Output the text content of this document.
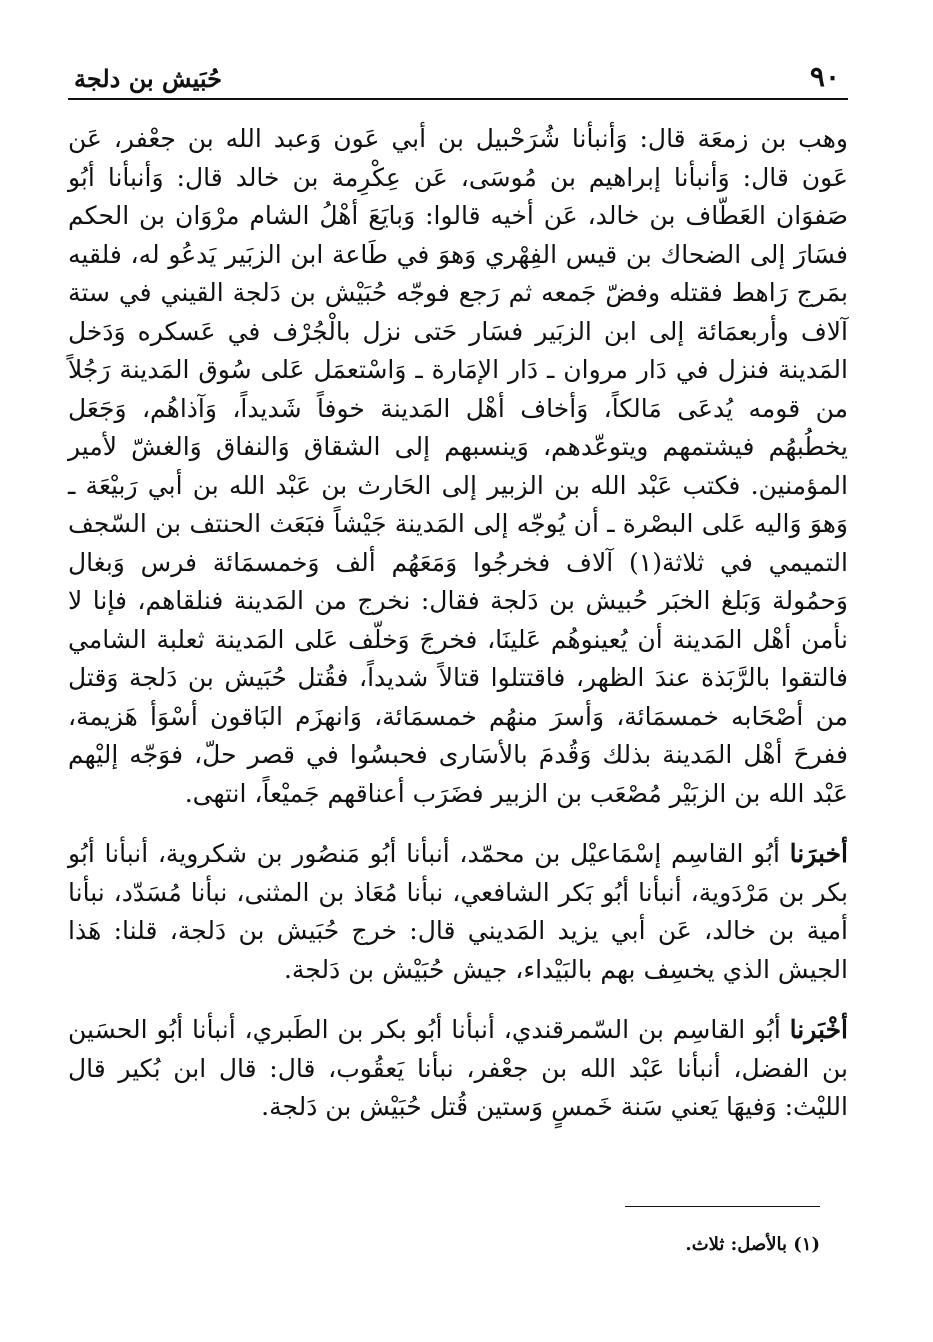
٩٠
حُبَيش بن دلجة

وهب بن زمعَة قال: وَأنبأنا شُرَحْبيل بن أبي عَون وَعبد الله بن جعْفر، عَن عَون قال: وَأنبأنا إبراهيم بن مُوسَى، عَن عِكْرِمة بن خالد قال: وَأنبأنا أبُو صَفوَان العَطّاف بن خالد، عَن أخيه قالوا: وَبايَعَ أهْلُ الشام مرْوَان بن الحكم فسَارَ إلى الضحاك بن قيس الفِهْري وَهوَ في طَاعة ابن الزبَير يَدعُو له، فلقيه بمَرج رَاهط فقتله وفضّ جَمعه ثم رَجع فوجّه حُبَيْش بن دَلجة القيني في ستة آلاف وأربعمَائة إلى ابن الزبَير فسَار حَتى نزل بالْجُرْف في عَسكره وَدَخل المَدينة فنزل في دَار مروان ـ دَار الإمَارة ـ وَاسْتعمَل عَلى سُوق المَدينة رَجُلاً من قومه يُدعَى مَالكاً، وَأخاف أهْل المَدينة خوفاً شَديداً، وَآذاهُم، وَجَعَل يخطُبهُم فيشتمهم ويتوعّدهم، وَينسبهم إلى الشقاق وَالنفاق وَالغشّ لأمير المؤمنين. فكتب عَبْد الله بن الزبير إلى الحَارث بن عَبْد الله بن أبي رَبيْعَة ـ وَهوَ وَاليه عَلى البصْرة ـ أن يُوجّه إلى المَدينة جَيْشاً فبَعَث الحنتف بن السّجف التميمي في ثلاثة(١) آلاف فخرجُوا وَمَعَهُم ألف وَخمسمَائة فرس وَبغال وَحمُولة وَبَلغ الخبَر حُبيش بن دَلجة فقال: نخرج من المَدينة فنلقاهم، فإنا لا نأمن أهْل المَدينة أن يُعينوهُم عَلينَا، فخرجَ وَخلّف عَلى المَدينة ثعلبة الشامي فالتقوا بالرَّبَذة عندَ الظهر، فاقتتلوا قتالاً شديداً، فقُتل حُبَيش بن دَلجة وَقتل من أصْحَابه خمسمَائة، وَأسرَ منهُم خمسمَائة، وَانهزَم البَاقون أسْوَأ هَزيمة، ففرحَ أهْل المَدينة بذلك وَقُدمَ بالأسَارى فحبسُوا في قصر حلّ، فوَجّه إليْهم عَبْد الله بن الزبَيْر مُصْعَب بن الزبير فضَرَب أعناقهم جَميْعاً، انتهى.

أخبرَنا أبُو القاسِم إسْمَاعيْل بن محمّد، أنبأنا أبُو مَنصُور بن شكروية، أنبأنا أبُو بكر بن مَرْدَوية، أنبأنا أبُو بَكر الشافعي، نبأنا مُعَاذ بن المثنى، نبأنا مُسَدّد، نبأنا أمية بن خالد، عَن أبي يزيد المَديني قال: خرج حُبَيش بن دَلجة، قلنا: هَذا الجيش الذي يخسِف بهم بالبَيْداء، جيش حُبَيْش بن دَلجة.

أخْبَرنا أبُو القاسِم بن السّمرقندي، أنبأنا أبُو بكر بن الطَبري، أنبأنا أبُو الحسَين بن الفضل، أنبأنا عَبْد الله بن جعْفر، نبأنا يَعقُوب، قال: قال ابن بُكير قال الليْث: وَفيهَا يَعني سَنة خَمسٍ وَستين قُتل حُبَيْش بن دَلجة.

(١) بالأصل: ثلاث.
